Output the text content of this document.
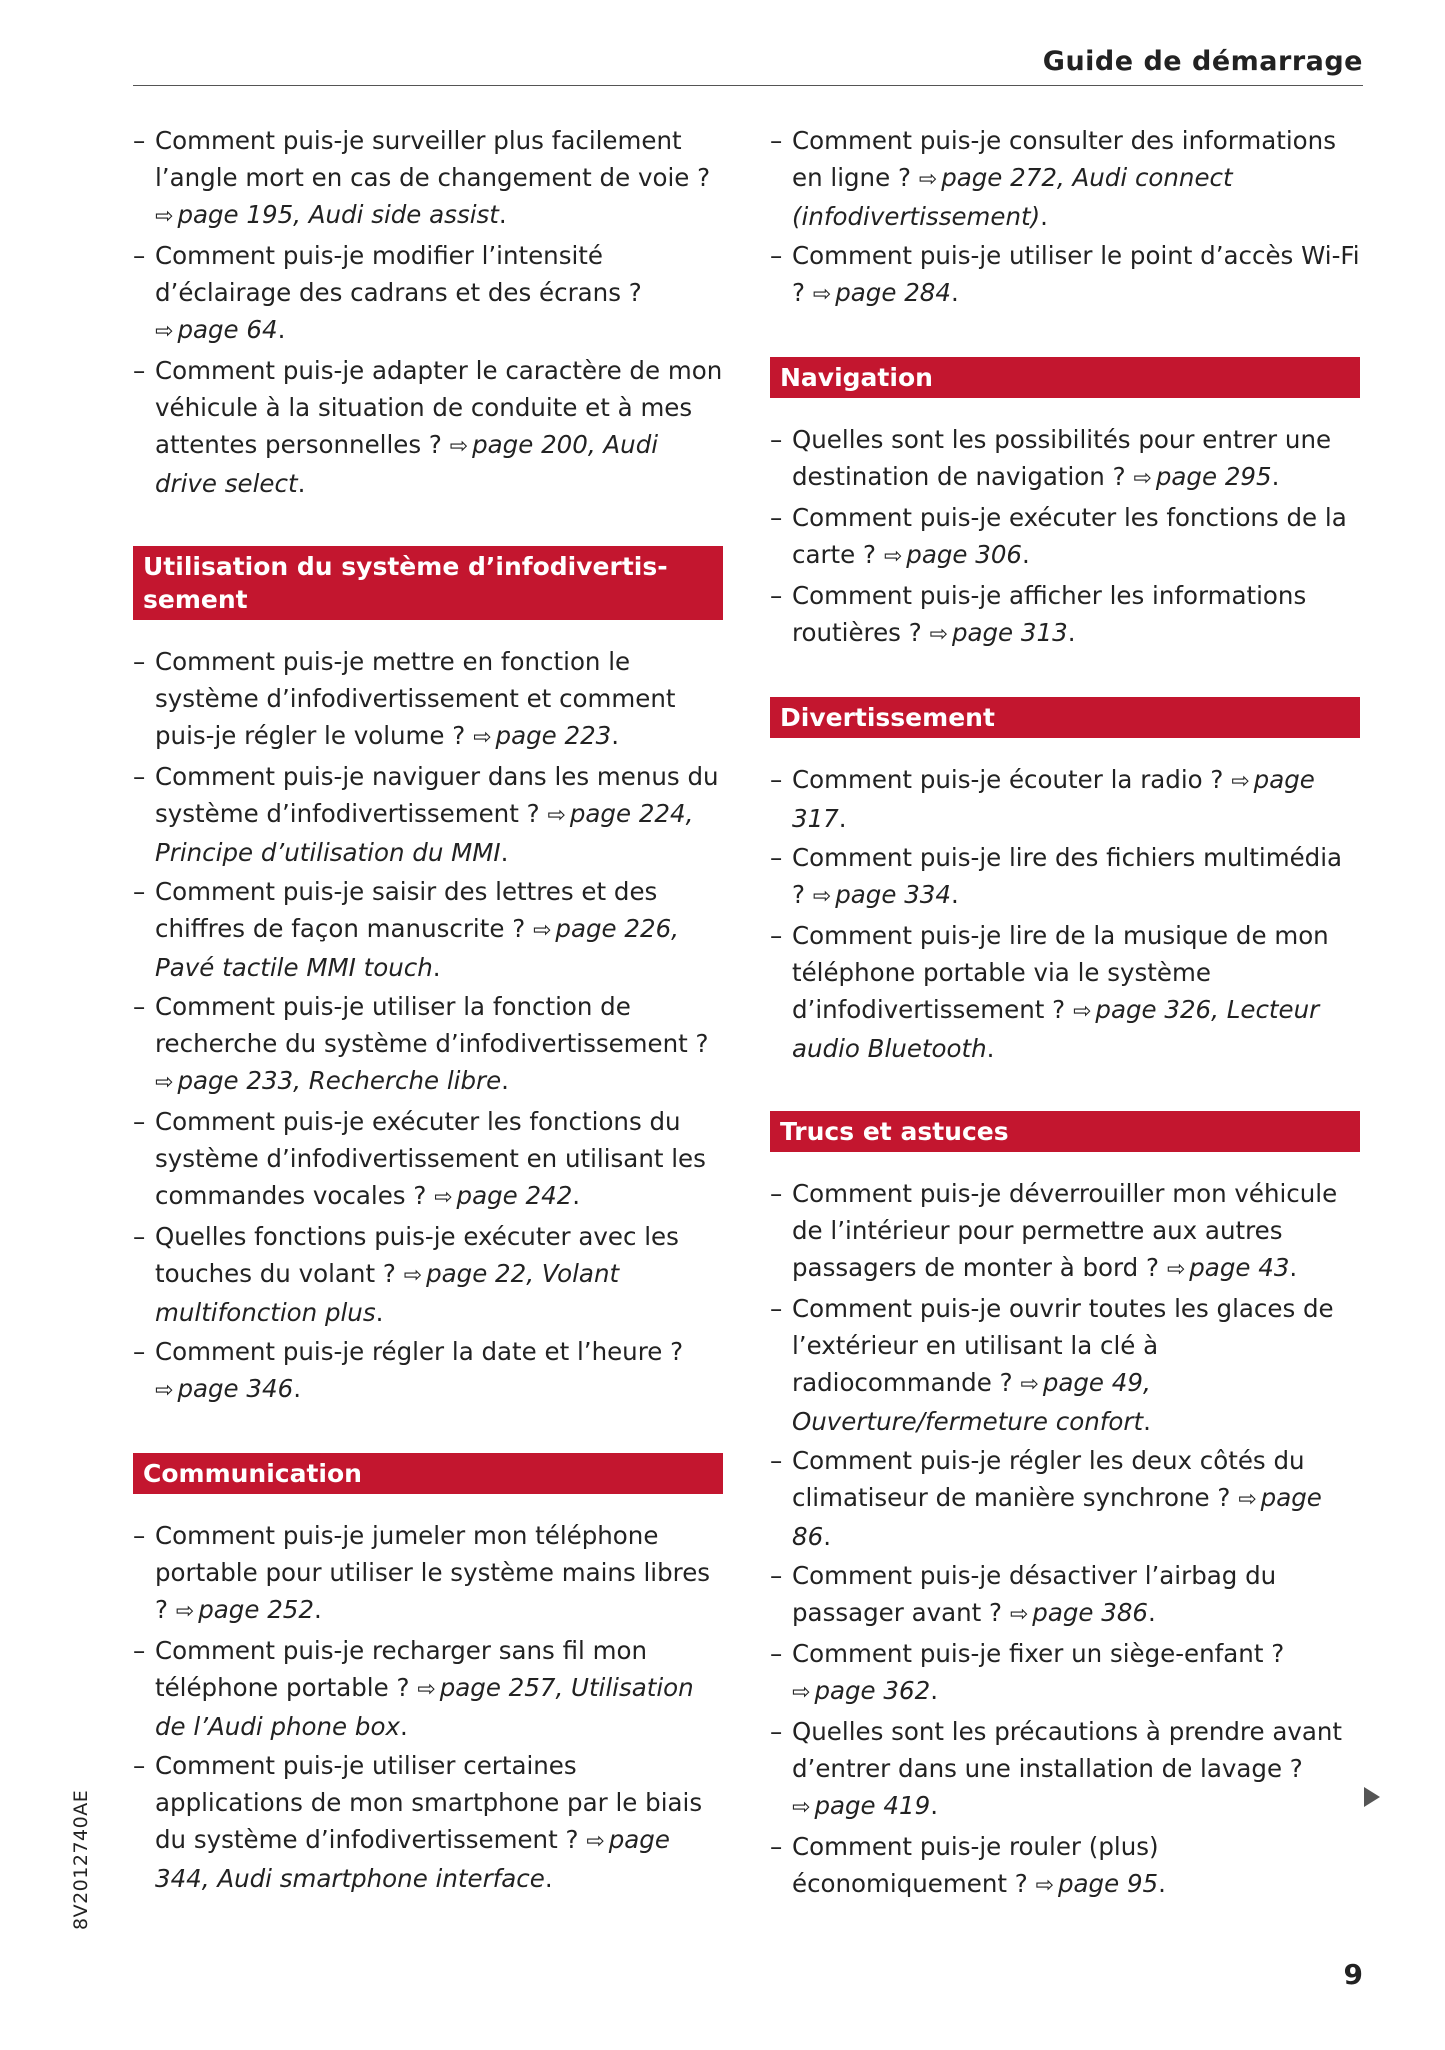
Guide de démarrage
– Comment puis-je surveiller plus facilement l’angle mort en cas de changement de voie ? ⇨ page 195, Audi side assist.
– Comment puis-je modifier l’intensité d’éclairage des cadrans et des écrans ? ⇨ page 64.
– Comment puis-je adapter le caractère de mon véhicule à la situation de conduite et à mes attentes personnelles ? ⇨ page 200, Audi drive select.
Utilisation du système d’infodivertis-
sement
– Comment puis-je mettre en fonction le système d’infodivertissement et comment puis-je régler le volume ? ⇨ page 223.
– Comment puis-je naviguer dans les menus du système d’infodivertissement ? ⇨ page 224, Principe d’utilisation du MMI.
– Comment puis-je saisir des lettres et des chiffres de façon manuscrite ? ⇨ page 226, Pavé tactile MMI touch.
– Comment puis-je utiliser la fonction de recherche du système d’infodivertissement ? ⇨ page 233, Recherche libre.
– Comment puis-je exécuter les fonctions du système d’infodivertissement en utilisant les commandes vocales ? ⇨ page 242.
– Quelles fonctions puis-je exécuter avec les touches du volant ? ⇨ page 22, Volant multifonction plus.
– Comment puis-je régler la date et l’heure ? ⇨ page 346.
Communication
– Comment puis-je jumeler mon téléphone portable pour utiliser le système mains libres ? ⇨ page 252.
– Comment puis-je recharger sans fil mon téléphone portable ? ⇨ page 257, Utilisation de l’Audi phone box.
– Comment puis-je utiliser certaines applications de mon smartphone par le biais du système d’infodivertissement ? ⇨ page 344, Audi smartphone interface.
– Comment puis-je consulter des informations en ligne ? ⇨ page 272, Audi connect (infodivertissement).
– Comment puis-je utiliser le point d’accès Wi-Fi ? ⇨ page 284.
Navigation
– Quelles sont les possibilités pour entrer une destination de navigation ? ⇨ page 295.
– Comment puis-je exécuter les fonctions de la carte ? ⇨ page 306.
– Comment puis-je afficher les informations routières ? ⇨ page 313.
Divertissement
– Comment puis-je écouter la radio ? ⇨ page 317.
– Comment puis-je lire des fichiers multimédia ? ⇨ page 334.
– Comment puis-je lire de la musique de mon téléphone portable via le système d’infodivertissement ? ⇨ page 326, Lecteur audio Bluetooth.
Trucs et astuces
– Comment puis-je déverrouiller mon véhicule de l’intérieur pour permettre aux autres passagers de monter à bord ? ⇨ page 43.
– Comment puis-je ouvrir toutes les glaces de l’extérieur en utilisant la clé à radiocommande ? ⇨ page 49, Ouverture/fermeture confort.
– Comment puis-je régler les deux côtés du climatiseur de manière synchrone ? ⇨ page 86.
– Comment puis-je désactiver l’airbag du passager avant ? ⇨ page 386.
– Comment puis-je fixer un siège-enfant ? ⇨ page 362.
– Quelles sont les précautions à prendre avant d’entrer dans une installation de lavage ? ⇨ page 419.
– Comment puis-je rouler (plus) économiquement ? ⇨ page 95.
8V2012740AE
9
